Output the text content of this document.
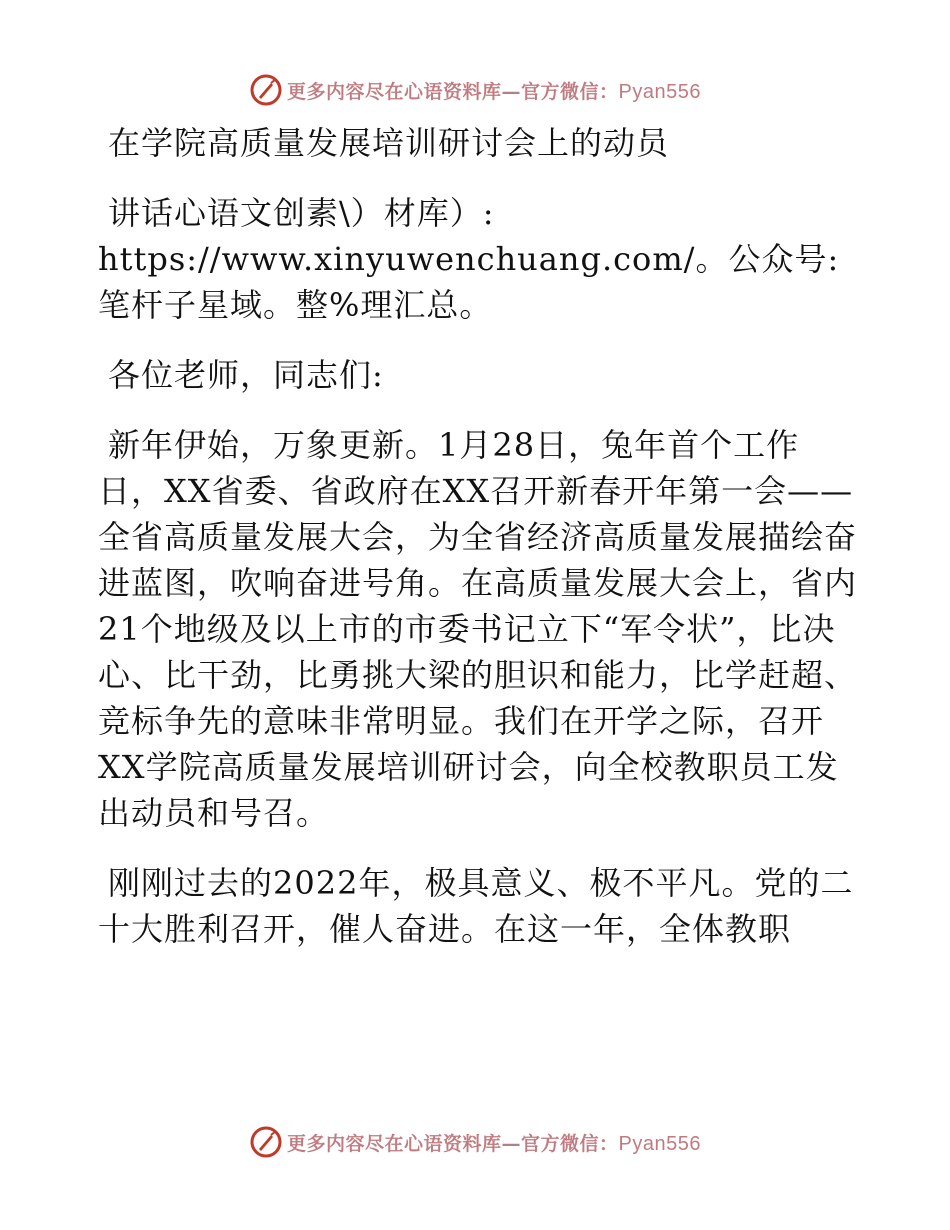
更多内容尽在心语资料库—官方微信：Pyan556

在学院高质量发展培训研讨会上的动员

讲话心语文创素\）材库）: https://www.xinyuwenchuang.com/。公众号: 笔杆子星域。整%理汇总。

各位老师，同志们:

新年伊始，万象更新。1月28日，兔年首个工作日，XX省委、省政府在XX召开新春开年第一会——全省高质量发展大会，为全省经济高质量发展描绘奋进蓝图，吹响奋进号角。在高质量发展大会上，省内21个地级及以上市的市委书记立下“军令状”，比决心、比干劲，比勇挑大梁的胆识和能力，比学赶超、竞标争先的意味非常明显。我们在开学之际，召开XX学院高质量发展培训研讨会，向全校教职员工发出动员和号召。

刚刚过去的2022年，极具意义、极不平凡。党的二十大胜利召开，催人奋进。在这一年，全体教职

更多内容尽在心语资料库—官方微信：Pyan556
